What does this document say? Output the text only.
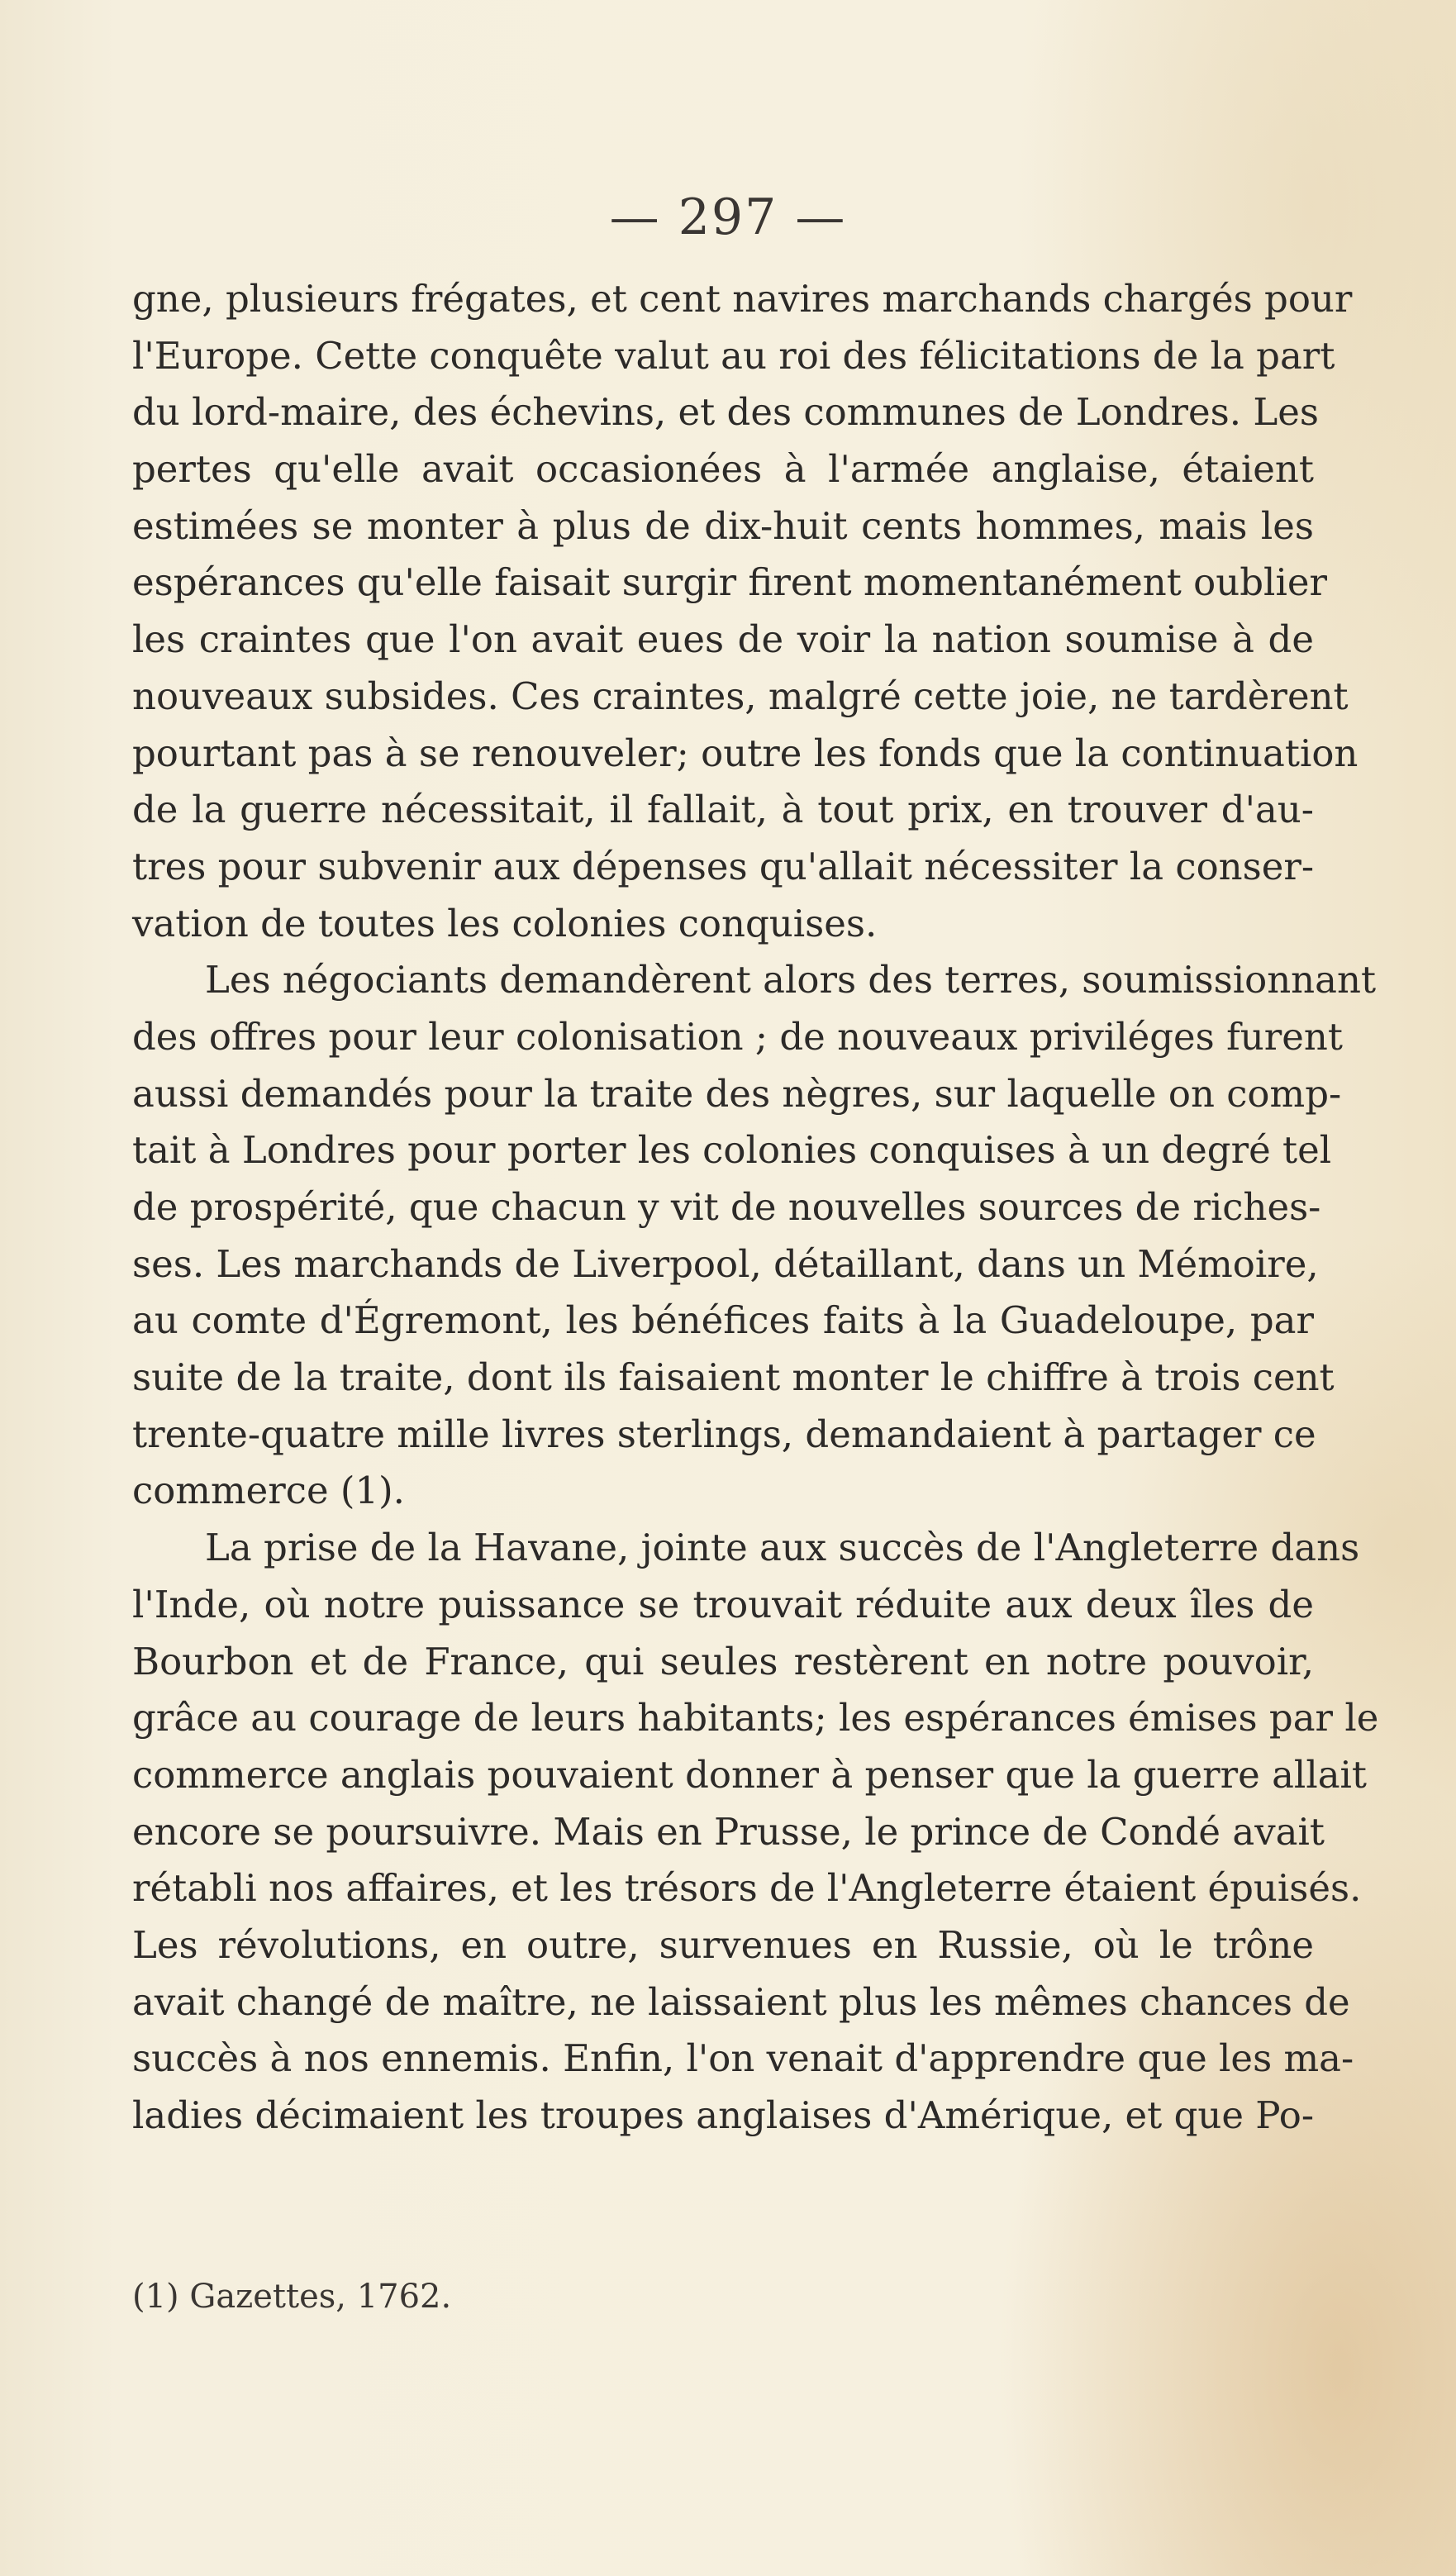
— 297 —
gne, plusieurs frégates, et cent navires marchands chargés pour
l'Europe. Cette conquête valut au roi des félicitations de la part
du lord-maire, des échevins, et des communes de Londres. Les
pertes qu'elle avait occasionées à l'armée anglaise, étaient
estimées se monter à plus de dix-huit cents hommes, mais les
espérances qu'elle faisait surgir firent momentanément oublier
les craintes que l'on avait eues de voir la nation soumise à de
nouveaux subsides. Ces craintes, malgré cette joie, ne tardèrent
pourtant pas à se renouveler; outre les fonds que la continuation
de la guerre nécessitait, il fallait, à tout prix, en trouver d'au-
tres pour subvenir aux dépenses qu'allait nécessiter la conser-
vation de toutes les colonies conquises.
Les négociants demandèrent alors des terres, soumissionnant
des offres pour leur colonisation ; de nouveaux priviléges furent
aussi demandés pour la traite des nègres, sur laquelle on comp-
tait à Londres pour porter les colonies conquises à un degré tel
de prospérité, que chacun y vit de nouvelles sources de riches-
ses. Les marchands de Liverpool, détaillant, dans un Mémoire,
au comte d'Égremont, les bénéfices faits à la Guadeloupe, par
suite de la traite, dont ils faisaient monter le chiffre à trois cent
trente-quatre mille livres sterlings, demandaient à partager ce
commerce (1).
La prise de la Havane, jointe aux succès de l'Angleterre dans
l'Inde, où notre puissance se trouvait réduite aux deux îles de
Bourbon et de France, qui seules restèrent en notre pouvoir,
grâce au courage de leurs habitants; les espérances émises par le
commerce anglais pouvaient donner à penser que la guerre allait
encore se poursuivre. Mais en Prusse, le prince de Condé avait
rétabli nos affaires, et les trésors de l'Angleterre étaient épuisés.
Les révolutions, en outre, survenues en Russie, où le trône
avait changé de maître, ne laissaient plus les mêmes chances de
succès à nos ennemis. Enfin, l'on venait d'apprendre que les ma-
ladies décimaient les troupes anglaises d'Amérique, et que Po-
(1) Gazettes, 1762.
